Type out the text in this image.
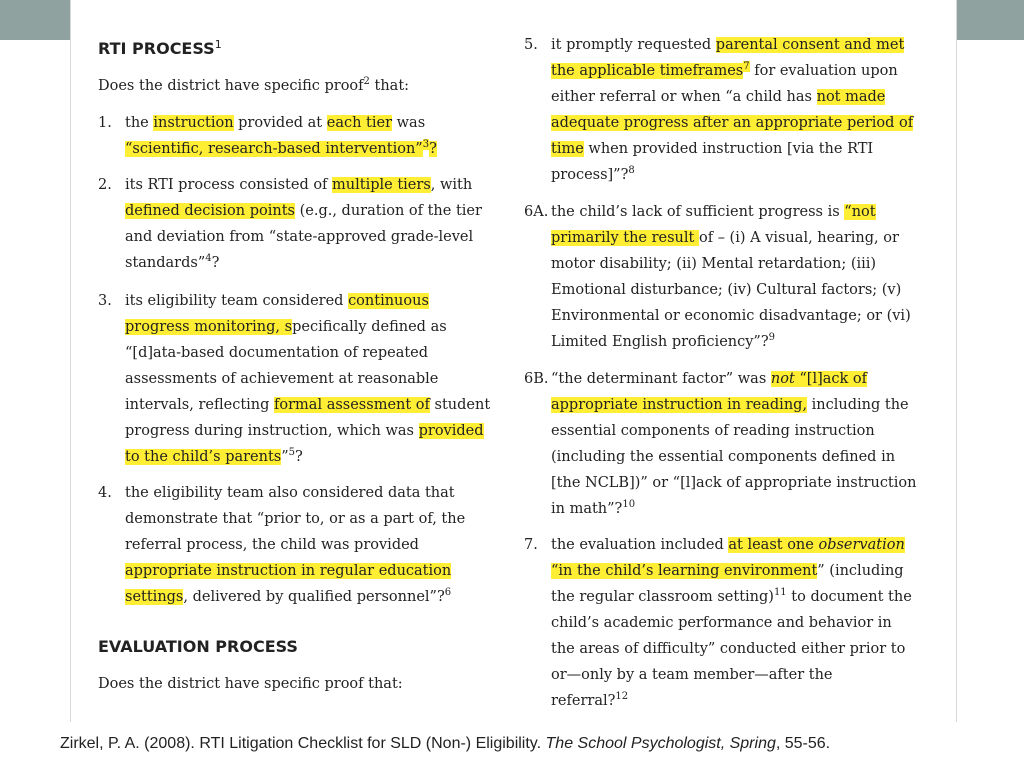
RTI PROCESS$^1$
Does the district have specific proof$^2$ that:
1. the instruction provided at each tier was
“scientific, research-based intervention”$^3$?
2. its RTI process consisted of multiple tiers, with
defined decision points (e.g., duration of the tier
and deviation from “state-approved grade-level
standards”$^4$?
3. its eligibility team considered continuous
progress monitoring, specifically defined as
“[d]ata-based documentation of repeated
assessments of achievement at reasonable
intervals, reflecting formal assessment of student
progress during instruction, which was provided
to the child’s parents”$^5$?
4. the eligibility team also considered data that
demonstrate that “prior to, or as a part of, the
referral process, the child was provided
appropriate instruction in regular education
settings, delivered by qualified personnel”?$^6$
EVALUATION PROCESS
Does the district have specific proof that:
5. it promptly requested parental consent and met
the applicable timeframes$^7$ for evaluation upon
either referral or when “a child has not made
adequate progress after an appropriate period of
time when provided instruction [via the RTI
process]”?$^8$
6A. the child’s lack of sufficient progress is “not
primarily the result of – (i) A visual, hearing, or
motor disability; (ii) Mental retardation; (iii)
Emotional disturbance; (iv) Cultural factors; (v)
Environmental or economic disadvantage; or (vi)
Limited English proficiency”?$^9$
6B. “the determinant factor” was not “[l]ack of
appropriate instruction in reading, including the
essential components of reading instruction
(including the essential components defined in
[the NCLB])” or “[l]ack of appropriate instruction
in math”?$^{10}$
7. the evaluation included at least one observation
“in the child’s learning environment” (including
the regular classroom setting)$^{11}$ to document the
child’s academic performance and behavior in
the areas of difficulty” conducted either prior to
or—only by a team member—after the
referral?$^{12}$
Zirkel, P. A. (2008). RTI Litigation Checklist for SLD (Non-) Eligibility. The School Psychologist, Spring, 55-56.
